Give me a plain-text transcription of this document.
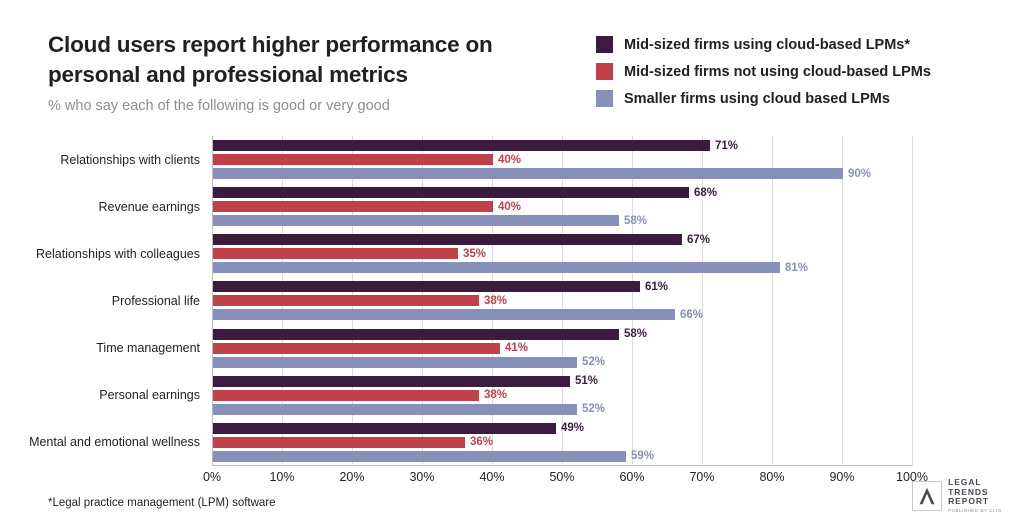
Cloud users report higher performance on personal and professional metrics
% who say each of the following is good or very good
Mid-sized firms using cloud-based LPMs*
Mid-sized firms not using cloud-based LPMs
Smaller firms using cloud based LPMs
Relationships with clients
71%
40%
90%
Revenue earnings
68%
40%
58%
Relationships with colleagues
67%
35%
81%
Professional life
61%
38%
66%
Time management
58%
41%
52%
Personal earnings
51%
38%
52%
Mental and emotional wellness
49%
36%
59%
0%	10%	20%	30%	40%	50%	60%	70%	80%	90%	100%
*Legal practice management (LPM) software
LEGAL
TRENDS
REPORT
PUBLISHED BY CLIO
